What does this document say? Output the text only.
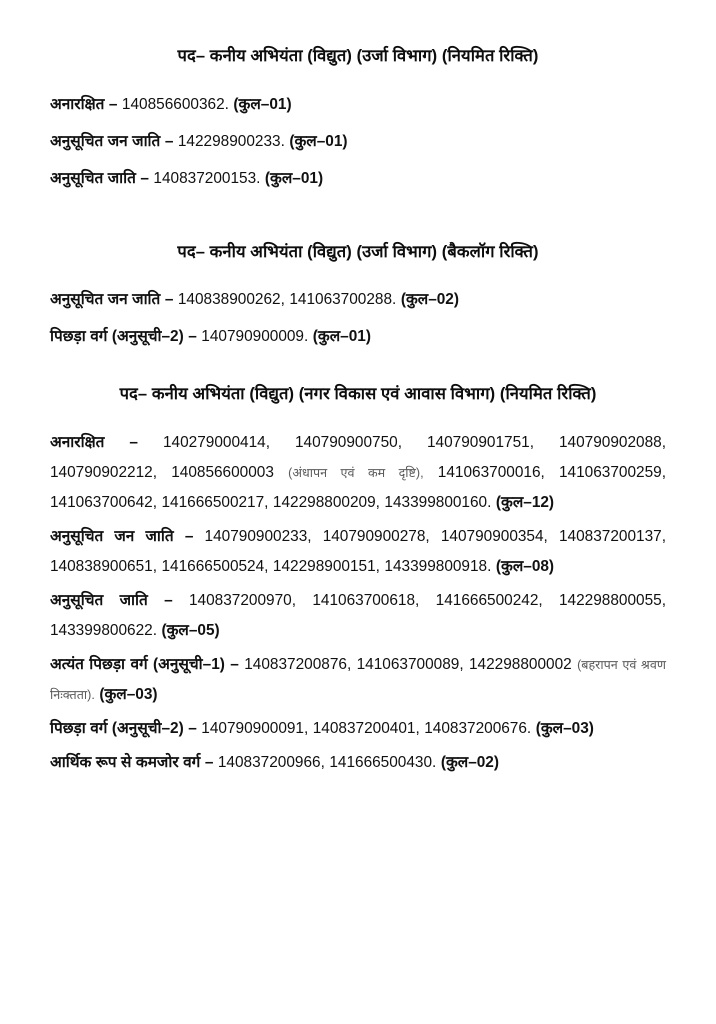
पद– कनीय अभियंता (विद्युत) (उर्जा विभाग) (नियमित रिक्ति)

अनारक्षित – 140856600362. (कुल–01)

अनुसूचित जन जाति – 142298900233. (कुल–01)

अनुसूचित जाति – 140837200153. (कुल–01)

पद– कनीय अभियंता (विद्युत) (उर्जा विभाग) (बैकलॉग रिक्ति)

अनुसूचित जन जाति – 140838900262, 141063700288. (कुल–02)

पिछड़ा वर्ग (अनुसूची–2) – 140790900009. (कुल–01)

पद– कनीय अभियंता (विद्युत) (नगर विकास एवं आवास विभाग) (नियमित रिक्ति)

अनारक्षित – 140279000414, 140790900750, 140790901751, 140790902088, 140790902212, 140856600003 (अंधापन एवं कम दृष्टि), 141063700016, 141063700259, 141063700642, 141666500217, 142298800209, 143399800160. (कुल–12)

अनुसूचित जन जाति – 140790900233, 140790900278, 140790900354, 140837200137, 140838900651, 141666500524, 142298900151, 143399800918. (कुल–08)

अनुसूचित जाति – 140837200970, 141063700618, 141666500242, 142298800055, 143399800622. (कुल–05)

अत्यंत पिछड़ा वर्ग (अनुसूची–1) – 140837200876, 141063700089, 142298800002 (बहरापन एवं श्रवण निःक्तता). (कुल–03)

पिछड़ा वर्ग (अनुसूची–2) – 140790900091, 140837200401, 140837200676. (कुल–03)

आर्थिक रूप से कमजोर वर्ग – 140837200966, 141666500430. (कुल–02)
